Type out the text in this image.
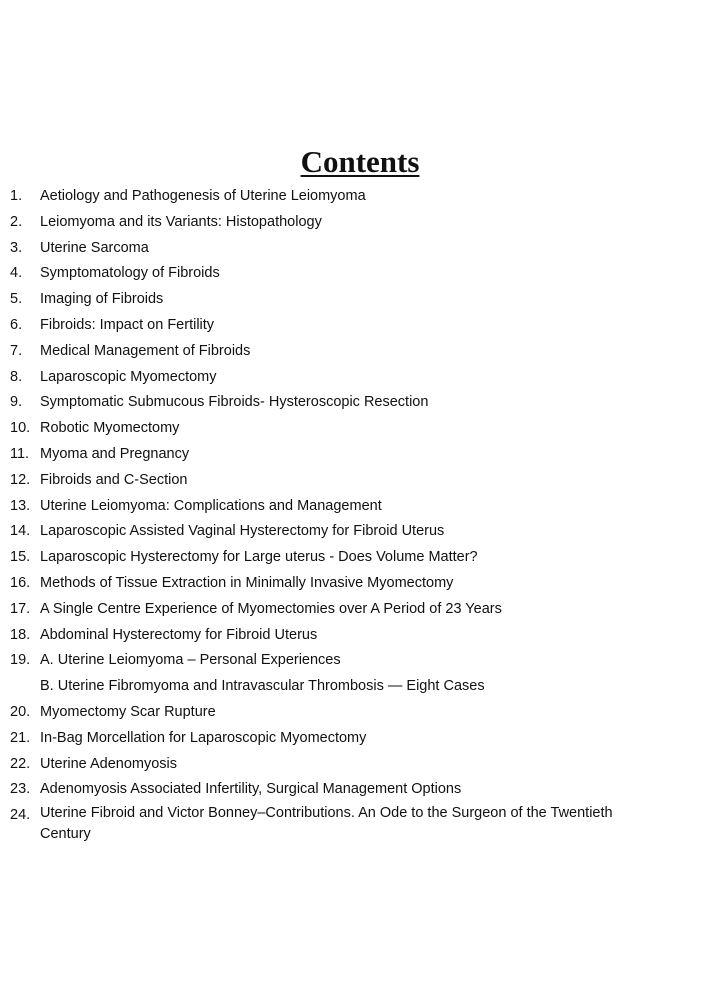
Contents
1. Aetiology and Pathogenesis of Uterine Leiomyoma
2. Leiomyoma and its Variants: Histopathology
3. Uterine Sarcoma
4. Symptomatology of Fibroids
5. Imaging of Fibroids
6. Fibroids: Impact on Fertility
7. Medical Management of Fibroids
8. Laparoscopic Myomectomy
9. Symptomatic Submucous Fibroids- Hysteroscopic Resection
10. Robotic Myomectomy
11. Myoma and Pregnancy
12. Fibroids and C-Section
13. Uterine Leiomyoma: Complications and Management
14. Laparoscopic Assisted Vaginal Hysterectomy for Fibroid Uterus
15. Laparoscopic Hysterectomy for Large uterus - Does Volume Matter?
16. Methods of Tissue Extraction in Minimally Invasive Myomectomy
17. A Single Centre Experience of Myomectomies over A Period of 23 Years
18. Abdominal Hysterectomy for Fibroid Uterus
19. A. Uterine Leiomyoma – Personal Experiences
B. Uterine Fibromyoma and Intravascular Thrombosis — Eight Cases
20. Myomectomy Scar Rupture
21. In-Bag Morcellation for Laparoscopic Myomectomy
22. Uterine Adenomyosis
23. Adenomyosis Associated Infertility, Surgical Management Options
24. Uterine Fibroid and Victor Bonney–Contributions. An Ode to the Surgeon of the Twentieth
Century
